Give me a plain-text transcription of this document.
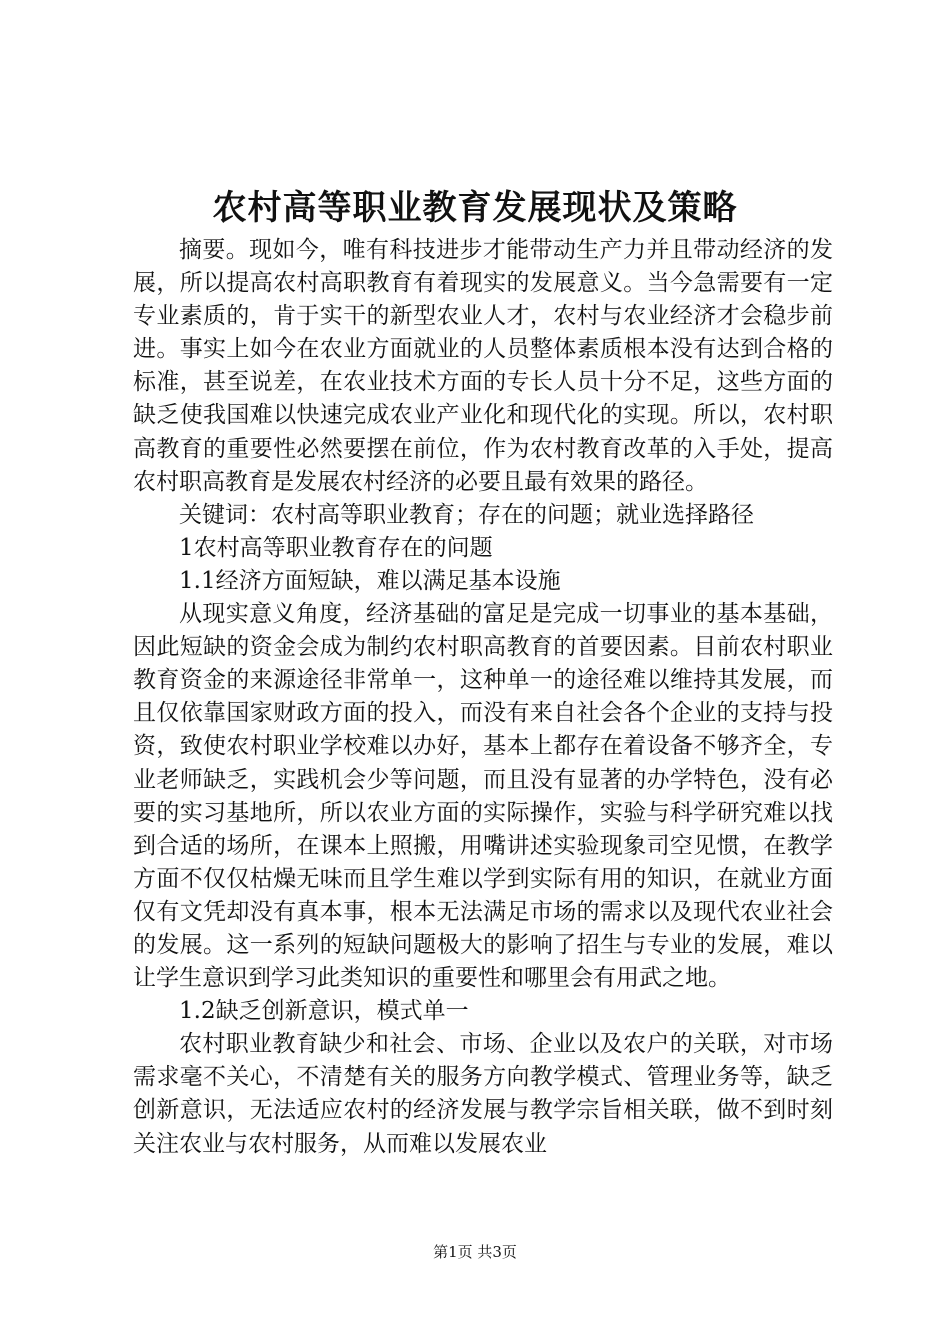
农村高等职业教育发展现状及策略

摘要。现如今，唯有科技进步才能带动生产力并且带动经济的发展，所以提高农村高职教育有着现实的发展意义。当今急需要有一定专业素质的，肯于实干的新型农业人才，农村与农业经济才会稳步前进。事实上如今在农业方面就业的人员整体素质根本没有达到合格的标准，甚至说差，在农业技术方面的专长人员十分不足，这些方面的缺乏使我国难以快速完成农业产业化和现代化的实现。所以，农村职高教育的重要性必然要摆在前位，作为农村教育改革的入手处，提高农村职高教育是发展农村经济的必要且最有效果的路径。

关键词：农村高等职业教育；存在的问题；就业选择路径

1农村高等职业教育存在的问题

1.1经济方面短缺，难以满足基本设施

从现实意义角度，经济基础的富足是完成一切事业的基本基础，因此短缺的资金会成为制约农村职高教育的首要因素。目前农村职业教育资金的来源途径非常单一，这种单一的途径难以维持其发展，而且仅依靠国家财政方面的投入，而没有来自社会各个企业的支持与投资，致使农村职业学校难以办好，基本上都存在着设备不够齐全，专业老师缺乏，实践机会少等问题，而且没有显著的办学特色，没有必要的实习基地所，所以农业方面的实际操作，实验与科学研究难以找到合适的场所，在课本上照搬，用嘴讲述实验现象司空见惯，在教学方面不仅仅枯燥无味而且学生难以学到实际有用的知识，在就业方面仅有文凭却没有真本事，根本无法满足市场的需求以及现代农业社会的发展。这一系列的短缺问题极大的影响了招生与专业的发展，难以让学生意识到学习此类知识的重要性和哪里会有用武之地。

1.2缺乏创新意识，模式单一

农村职业教育缺少和社会、市场、企业以及农户的关联，对市场需求毫不关心，不清楚有关的服务方向教学模式、管理业务等，缺乏创新意识，无法适应农村的经济发展与教学宗旨相关联，做不到时刻关注农业与农村服务，从而难以发展农业

第1页 共3页
